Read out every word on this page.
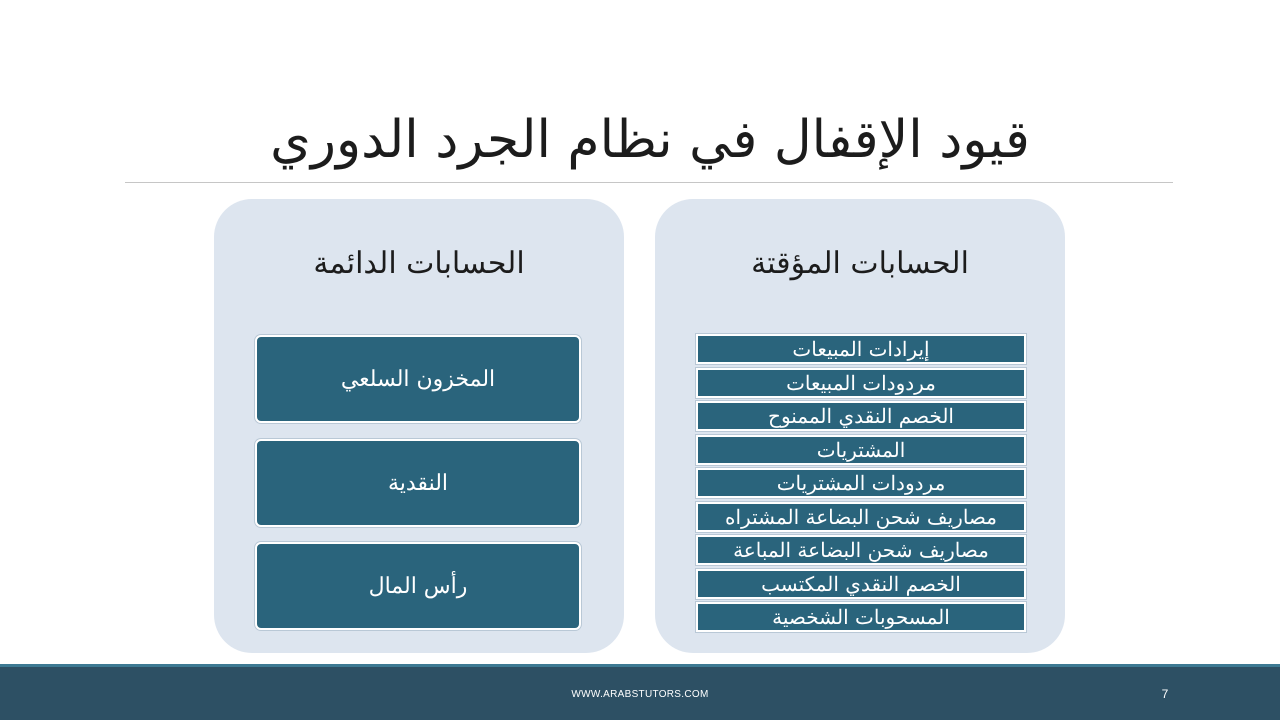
قيود الإقفال في نظام الجرد الدوري
الحسابات الدائمة
المخزون السلعي
النقدية
رأس المال
الحسابات المؤقتة
إيرادات المبيعات
مردودات المبيعات
الخصم النقدي الممنوح
المشتريات
مردودات المشتريات
مصاريف شحن البضاعة المشتراه
مصاريف شحن البضاعة المباعة
الخصم النقدي المكتسب
المسحوبات الشخصية
WWW.ARABSTUTORS.COM	7
